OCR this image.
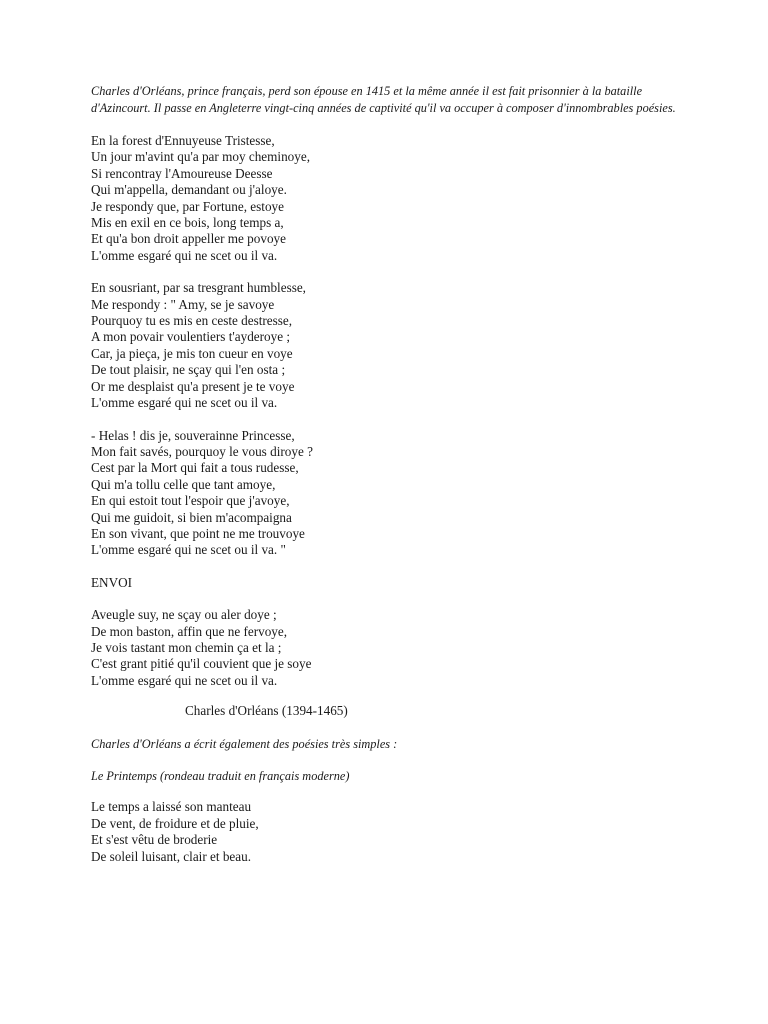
Charles d'Orléans, prince français, perd son épouse en 1415 et la même année il est fait prisonnier à la bataille d'Azincourt. Il passe en Angleterre vingt-cinq années de captivité qu'il va occuper à composer d'innombrables poésies.

En la forest d'Ennuyeuse Tristesse,
Un jour m'avint qu'a par moy cheminoye,
Si rencontray l'Amoureuse Deesse
Qui m'appella, demandant ou j'aloye.
Je respondy que, par Fortune, estoye
Mis en exil en ce bois, long temps a,
Et qu'a bon droit appeller me povoye
L'omme esgaré qui ne scet ou il va.
En sousriant, par sa tresgrant humblesse,
Me respondy : " Amy, se je savoye
Pourquoy tu es mis en ceste destresse,
A mon povair voulentiers t'ayderoye ;
Car, ja pieça, je mis ton cueur en voye
De tout plaisir, ne sçay qui l'en osta ;
Or me desplaist qu'a present je te voye
L'omme esgaré qui ne scet ou il va.
- Helas ! dis je, souverainne Princesse,
Mon fait savés, pourquoy le vous diroye ?
Cest par la Mort qui fait a tous rudesse,
Qui m'a tollu celle que tant amoye,
En qui estoit tout l'espoir que j'avoye,
Qui me guidoit, si bien m'acompaigna
En son vivant, que point ne me trouvoye
L'omme esgaré qui ne scet ou il va. "
ENVOI
Aveugle suy, ne sçay ou aler doye ;
De mon baston, affin que ne fervoye,
Je vois tastant mon chemin ça et la ;
C'est grant pitié qu'il couvient que je soye
L'omme esgaré qui ne scet ou il va.
Charles d'Orléans (1394-1465)
Charles d'Orléans a écrit également des poésies très simples :
Le Printemps (rondeau traduit en français moderne)
Le temps a laissé son manteau
De vent, de froidure et de pluie,
Et s'est vêtu de broderie
De soleil luisant, clair et beau.
